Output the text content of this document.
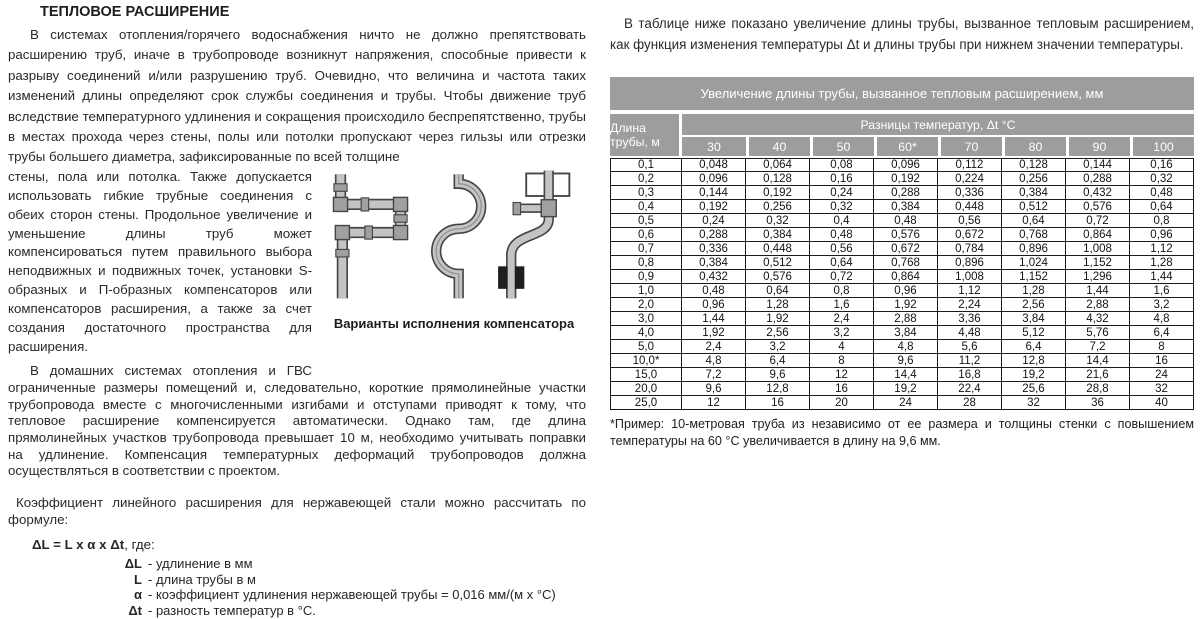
ТЕПЛОВОЕ РАСШИРЕНИЕ

В системах отопления/горячего водоснабжения ничто не должно препятствовать расширению труб, иначе в трубопроводе возникнут напряжения, способные привести к разрыву соединений и/или разрушению труб. Очевидно, что величина и частота таких изменений длины определяют срок службы соединения и трубы. Чтобы движение труб вследствие температурного удлинения и сокращения происходило беспрепятственно, трубы в местах прохода через стены, полы или потолки пропускают через гильзы или отрезки трубы большего диаметра, зафиксированные по всей толщине

стены, пола или потолка. Также допускается использовать гибкие трубные соединения с обеих сторон стены. Продольное увеличение и уменьшение длины труб может компенсироваться путем правильного выбора неподвижных и подвижных точек, установки S-образных и П-образных компенсаторов или компенсаторов расширения, а также за счет создания достаточного пространства для расширения.

В домашних системах отопления и ГВС

Варианты исполнения компенсатора

ограниченные размеры помещений и, следовательно, короткие прямолинейные участки трубопровода вместе с многочисленными изгибами и отступами приводят к тому, что тепловое расширение компенсируется автоматически. Однако там, где длина прямолинейных участков трубопровода превышает 10 м, необходимо учитывать поправки на удлинение. Компенсация температурных деформаций трубопроводов должна осуществляться в соответствии с проектом.

Коэффициент линейного расширения для нержавеющей стали можно рассчитать по формуле:

ΔL = L x α x Δt, где:
ΔL - удлинение в мм
L - длина трубы в м
α - коэффициент удлинения нержавеющей трубы = 0,016 мм/(м x °С)
Δt - разность температур в °С.

В таблице ниже показано увеличение длины трубы, вызванное тепловым расширением, как функция изменения температуры Δt и длины трубы при нижнем значении температуры.

Увеличение длины трубы, вызванное тепловым расширением, мм
Длина трубы, м
Разницы температур, Δt °С
30	40	50	60*	70	80	90	100
0,1	0,048	0,064	0,08	0,096	0,112	0,128	0,144	0,16
0,2	0,096	0,128	0,16	0,192	0,224	0,256	0,288	0,32
0,3	0,144	0,192	0,24	0,288	0,336	0,384	0,432	0,48
0,4	0,192	0,256	0,32	0,384	0,448	0,512	0,576	0,64
0,5	0,24	0,32	0,4	0,48	0,56	0,64	0,72	0,8
0,6	0,288	0,384	0,48	0,576	0,672	0,768	0,864	0,96
0,7	0,336	0,448	0,56	0,672	0,784	0,896	1,008	1,12
0,8	0,384	0,512	0,64	0,768	0,896	1,024	1,152	1,28
0,9	0,432	0,576	0,72	0,864	1,008	1,152	1,296	1,44
1,0	0,48	0,64	0,8	0,96	1,12	1,28	1,44	1,6
2,0	0,96	1,28	1,6	1,92	2,24	2,56	2,88	3,2
3,0	1,44	1,92	2,4	2,88	3,36	3,84	4,32	4,8
4,0	1,92	2,56	3,2	3,84	4,48	5,12	5,76	6,4
5,0	2,4	3,2	4	4,8	5,6	6,4	7,2	8
10,0*	4,8	6,4	8	9,6	11,2	12,8	14,4	16
15,0	7,2	9,6	12	14,4	16,8	19,2	21,6	24
20,0	9,6	12,8	16	19,2	22,4	25,6	28,8	32
25,0	12	16	20	24	28	32	36	40

*Пример: 10-метровая труба из независимо от ее размера и толщины стенки с повышением температуры на 60 °С увеличивается в длину на 9,6 мм.
